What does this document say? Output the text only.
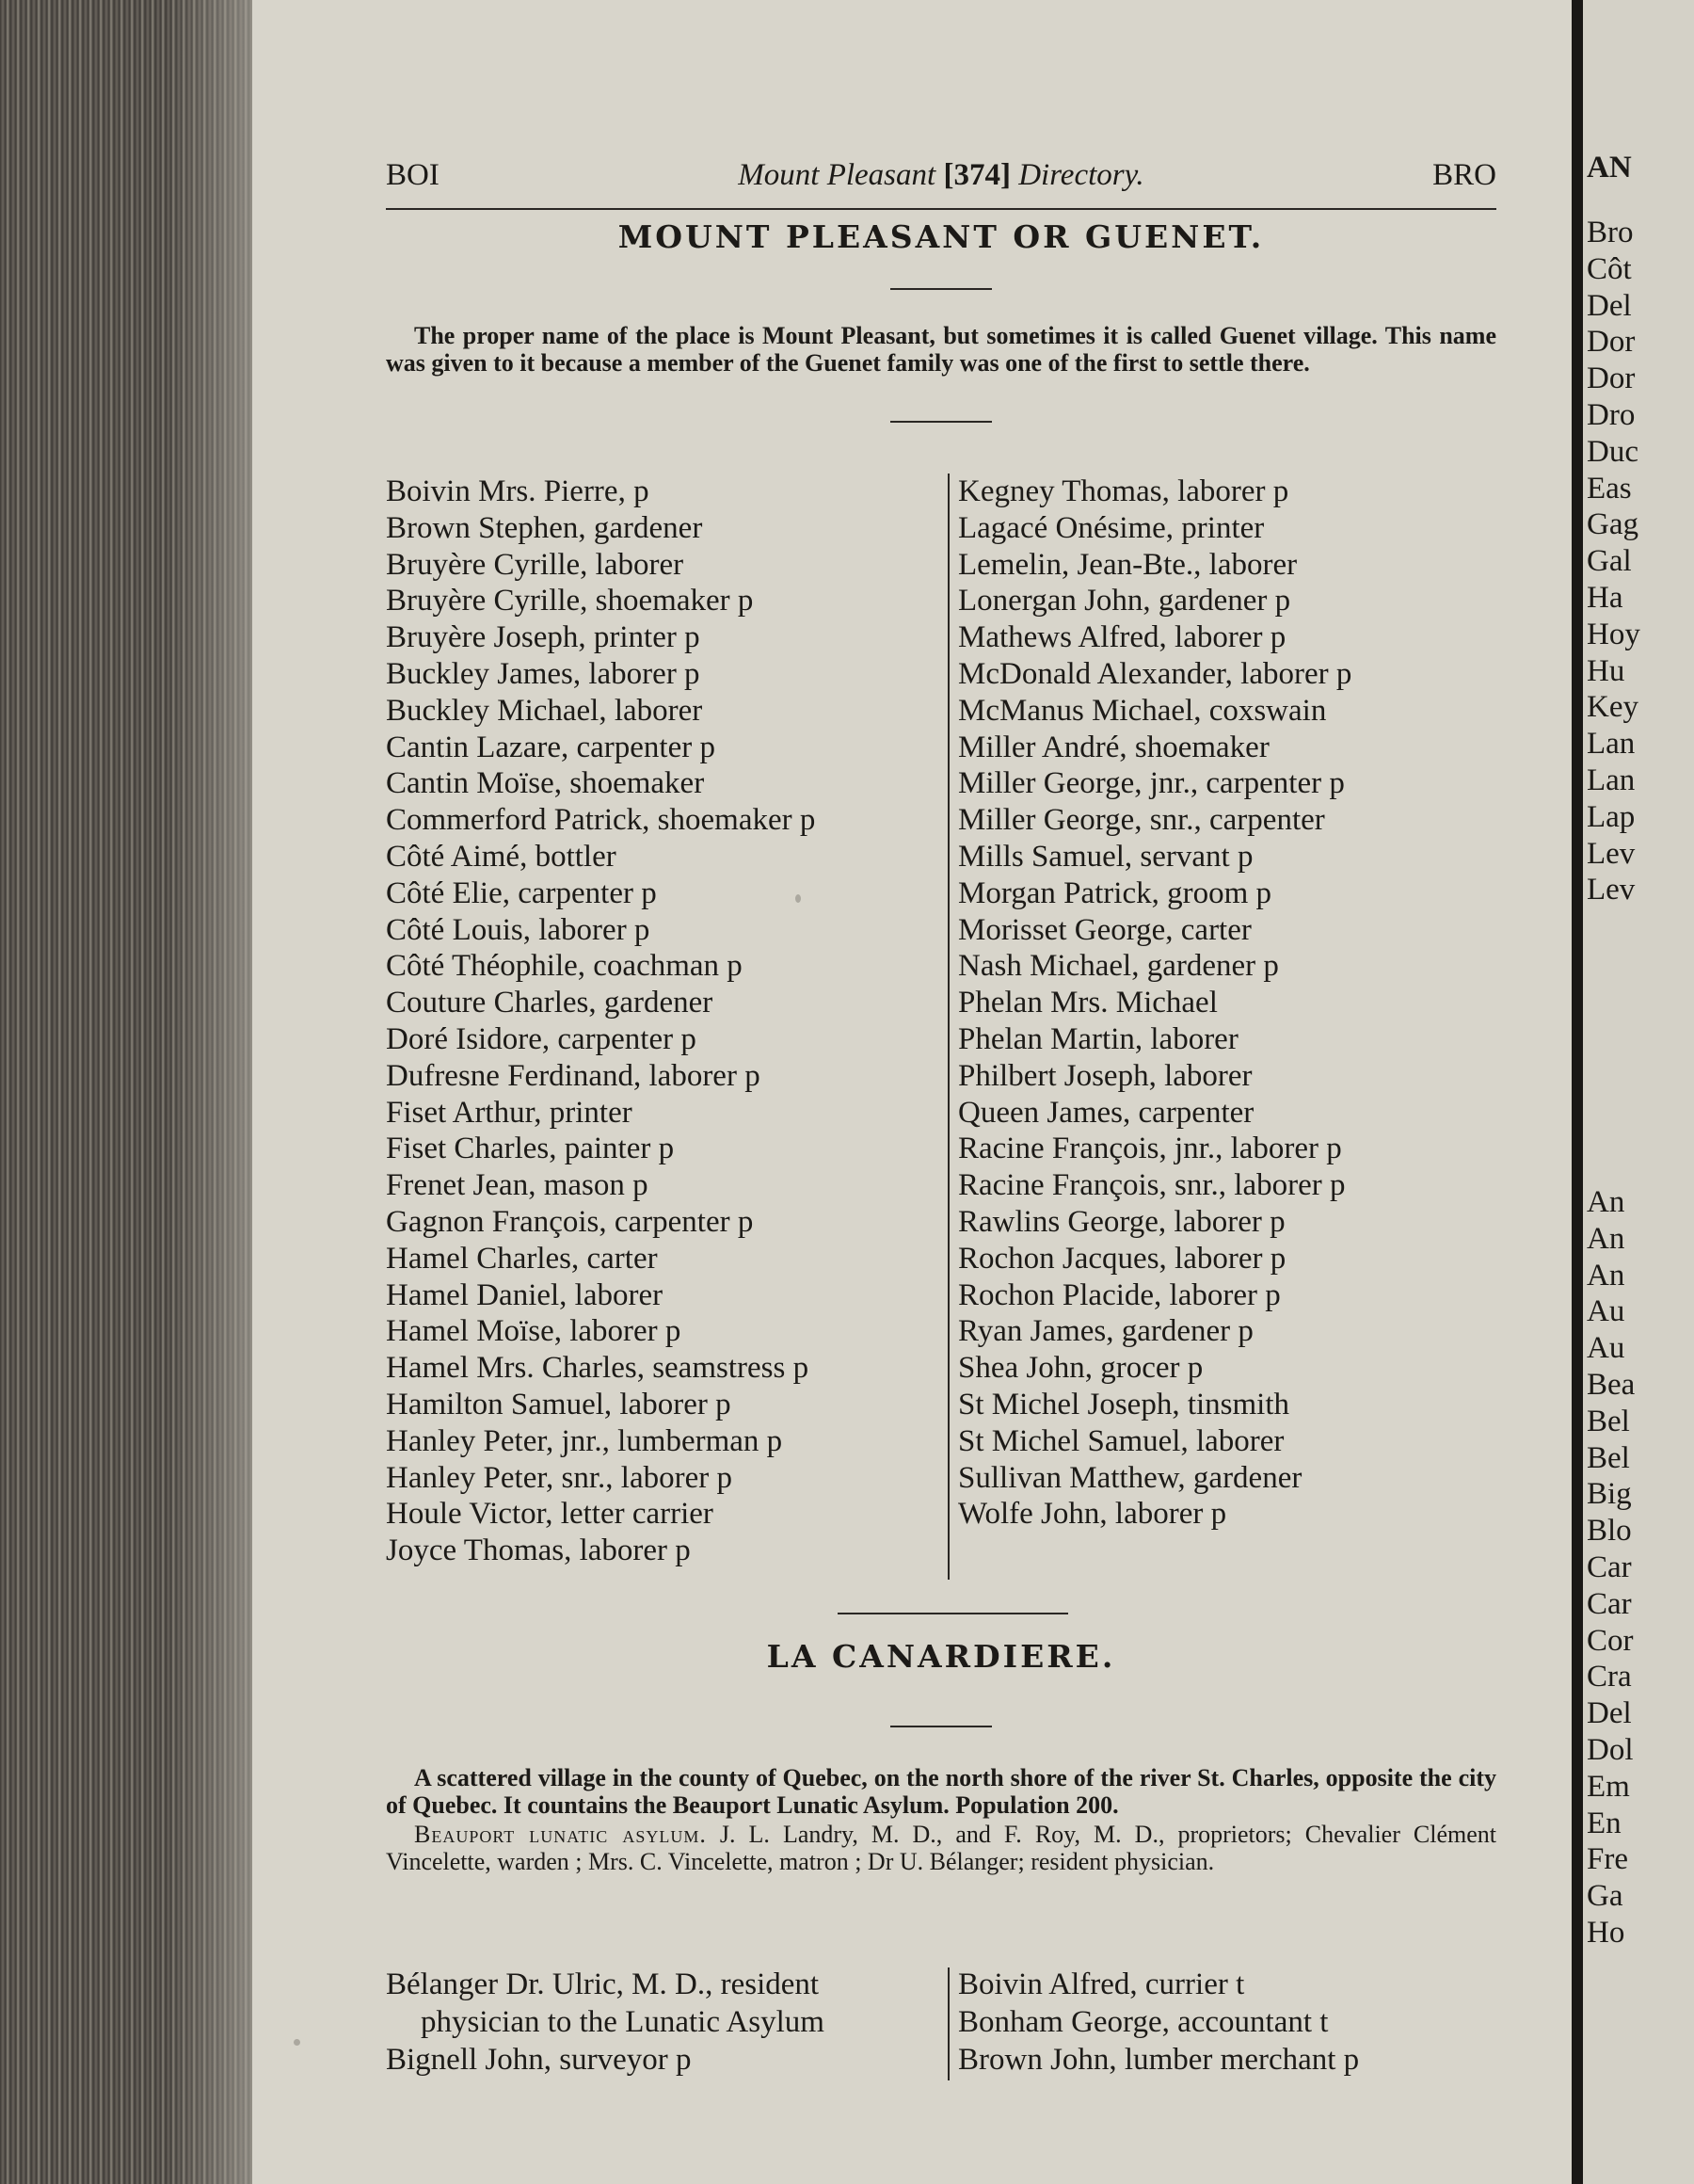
BOI	Mount Pleasant [374] Directory.	BRO
MOUNT PLEASANT OR GUENET.

The proper name of the place is Mount Pleasant, but sometimes it is called Guenet village. This name was given to it because a member of the Guenet family was one of the first to settle there.

Boivin Mrs. Pierre, p
Brown Stephen, gardener
Bruyère Cyrille, laborer
Bruyère Cyrille, shoemaker p
Bruyère Joseph, printer p
Buckley James, laborer p
Buckley Michael, laborer
Cantin Lazare, carpenter p
Cantin Moïse, shoemaker
Commerford Patrick, shoemaker p
Côté Aimé, bottler
Côté Elie, carpenter p
Côté Louis, laborer p
Côté Théophile, coachman p
Couture Charles, gardener
Doré Isidore, carpenter p
Dufresne Ferdinand, laborer p
Fiset Arthur, printer
Fiset Charles, painter p
Frenet Jean, mason p
Gagnon François, carpenter p
Hamel Charles, carter
Hamel Daniel, laborer
Hamel Moïse, laborer p
Hamel Mrs. Charles, seamstress p
Hamilton Samuel, laborer p
Hanley Peter, jnr., lumberman p
Hanley Peter, snr., laborer p
Houle Victor, letter carrier
Joyce Thomas, laborer p
Kegney Thomas, laborer p
Lagacé Onésime, printer
Lemelin, Jean-Bte., laborer
Lonergan John, gardener p
Mathews Alfred, laborer p
McDonald Alexander, laborer p
McManus Michael, coxswain
Miller André, shoemaker
Miller George, jnr., carpenter p
Miller George, snr., carpenter
Mills Samuel, servant p
Morgan Patrick, groom p
Morisset George, carter
Nash Michael, gardener p
Phelan Mrs. Michael
Phelan Martin, laborer
Philbert Joseph, laborer
Queen James, carpenter
Racine François, jnr., laborer p
Racine François, snr., laborer p
Rawlins George, laborer p
Rochon Jacques, laborer p
Rochon Placide, laborer p
Ryan James, gardener p
Shea John, grocer p
St Michel Joseph, tinsmith
St Michel Samuel, laborer
Sullivan Matthew, gardener
Wolfe John, laborer p
LA CANARDIERE.

A scattered village in the county of Quebec, on the north shore of the river St. Charles, opposite the city of Quebec. It countains the Beauport Lunatic Asylum. Population 200.

Beauport lunatic asylum. J. L. Landry, M. D., and F. Roy, M. D., proprietors; Chevalier Clément Vincelette, warden ; Mrs. C. Vincelette, matron ; Dr U. Bélanger; resident physician.

Bélanger Dr. Ulric, M. D., resident
physician to the Lunatic Asylum
Bignell John, surveyor p
Boivin Alfred, currier t
Bonham George, accountant t
Brown John, lumber merchant p
AN
Bro
Côt
Del
Dor
Dor
Dro
Duc
Eas
Gag
Gal
Ha
Hoy
Hu
Key
Lan
Lan
Lap
Lev
Lev
An
An
An
Au
Au
Bea
Bel
Bel
Big
Blo
Car
Car
Cor
Cra
Del
Dol
Em
En
Fre
Ga
Ho
